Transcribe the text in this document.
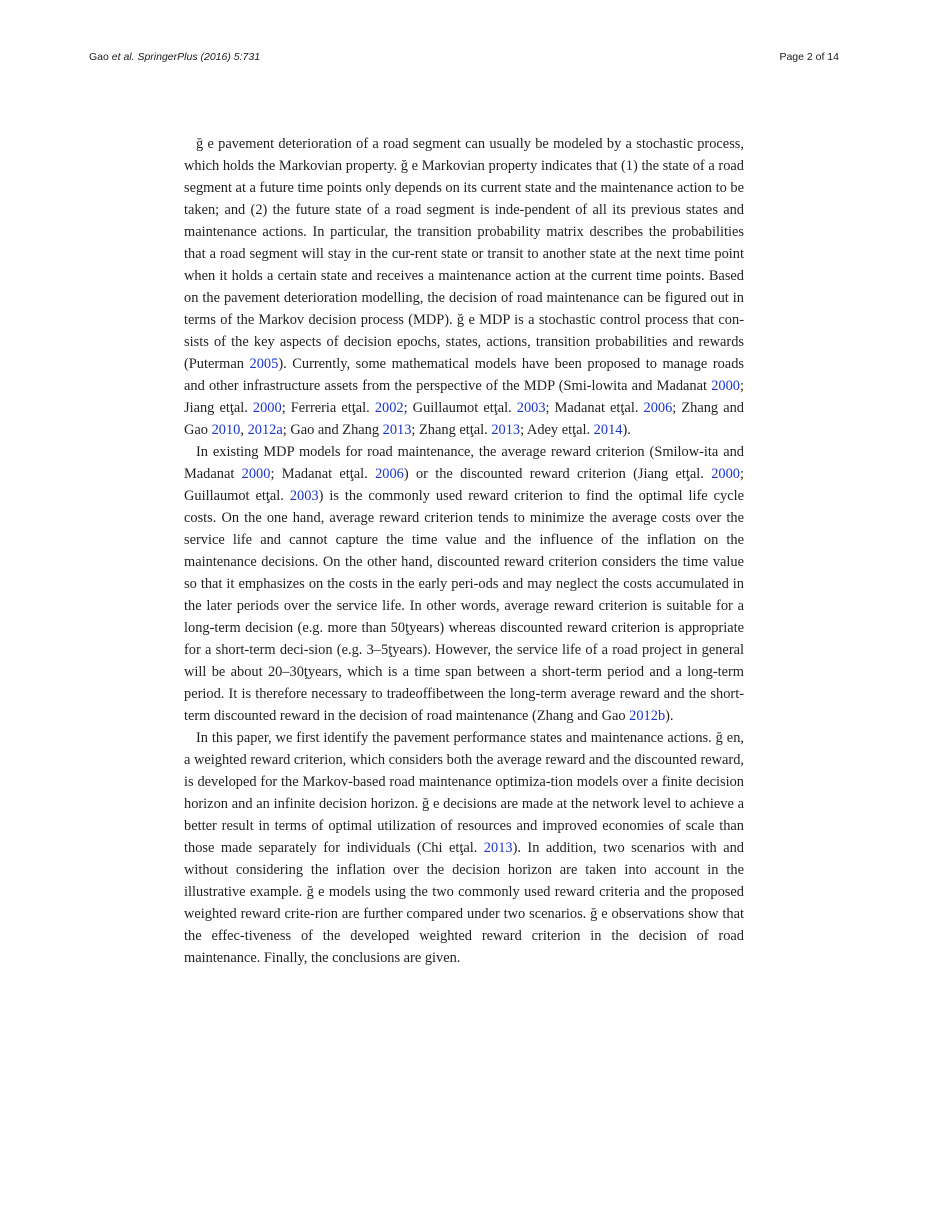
Gao et al. SpringerPlus (2016) 5:731	Page 2 of 14

ğ e pavement deterioration of a road segment can usually be modeled by a stochastic process, which holds the Markovian property. ğ e Markovian property indicates that (1) the state of a road segment at a future time points only depends on its current state and the maintenance action to be taken; and (2) the future state of a road segment is inde-pendent of all its previous states and maintenance actions. In particular, the transition probability matrix describes the probabilities that a road segment will stay in the cur-rent state or transit to another state at the next time point when it holds a certain state and receives a maintenance action at the current time points. Based on the pavement deterioration modelling, the decision of road maintenance can be figured out in terms of the Markov decision process (MDP). ğ e MDP is a stochastic control process that con-sists of the key aspects of decision epochs, states, actions, transition probabilities and rewards (Puterman 2005). Currently, some mathematical models have been proposed to manage roads and other infrastructure assets from the perspective of the MDP (Smi-lowita and Madanat 2000; Jiang etţal. 2000; Ferreria etţal. 2002; Guillaumot etţal. 2003; Madanat etţal. 2006; Zhang and Gao 2010, 2012a; Gao and Zhang 2013; Zhang etţal. 2013; Adey etţal. 2014).

In existing MDP models for road maintenance, the average reward criterion (Smilow-ita and Madanat 2000; Madanat etţal. 2006) or the discounted reward criterion (Jiang etţal. 2000; Guillaumot etţal. 2003) is the commonly used reward criterion to find the optimal life cycle costs. On the one hand, average reward criterion tends to minimize the average costs over the service life and cannot capture the time value and the influence of the inflation on the maintenance decisions. On the other hand, discounted reward criterion considers the time value so that it emphasizes on the costs in the early peri-ods and may neglect the costs accumulated in the later periods over the service life. In other words, average reward criterion is suitable for a long-term decision (e.g. more than 50ţyears) whereas discounted reward criterion is appropriate for a short-term deci-sion (e.g. 3–5ţyears). However, the service life of a road project in general will be about 20–30ţyears, which is a time span between a short-term period and a long-term period. It is therefore necessary to tradeoffibetween the long-term average reward and the short-term discounted reward in the decision of road maintenance (Zhang and Gao 2012b).

In this paper, we first identify the pavement performance states and maintenance actions. ğ en, a weighted reward criterion, which considers both the average reward and the discounted reward, is developed for the Markov-based road maintenance optimiza-tion models over a finite decision horizon and an infinite decision horizon. ğ e decisions are made at the network level to achieve a better result in terms of optimal utilization of resources and improved economies of scale than those made separately for individuals (Chi etţal. 2013). In addition, two scenarios with and without considering the inflation over the decision horizon are taken into account in the illustrative example. ğ e models using the two commonly used reward criteria and the proposed weighted reward crite-rion are further compared under two scenarios. ğ e observations show that the effec-tiveness of the developed weighted reward criterion in the decision of road maintenance. Finally, the conclusions are given.
